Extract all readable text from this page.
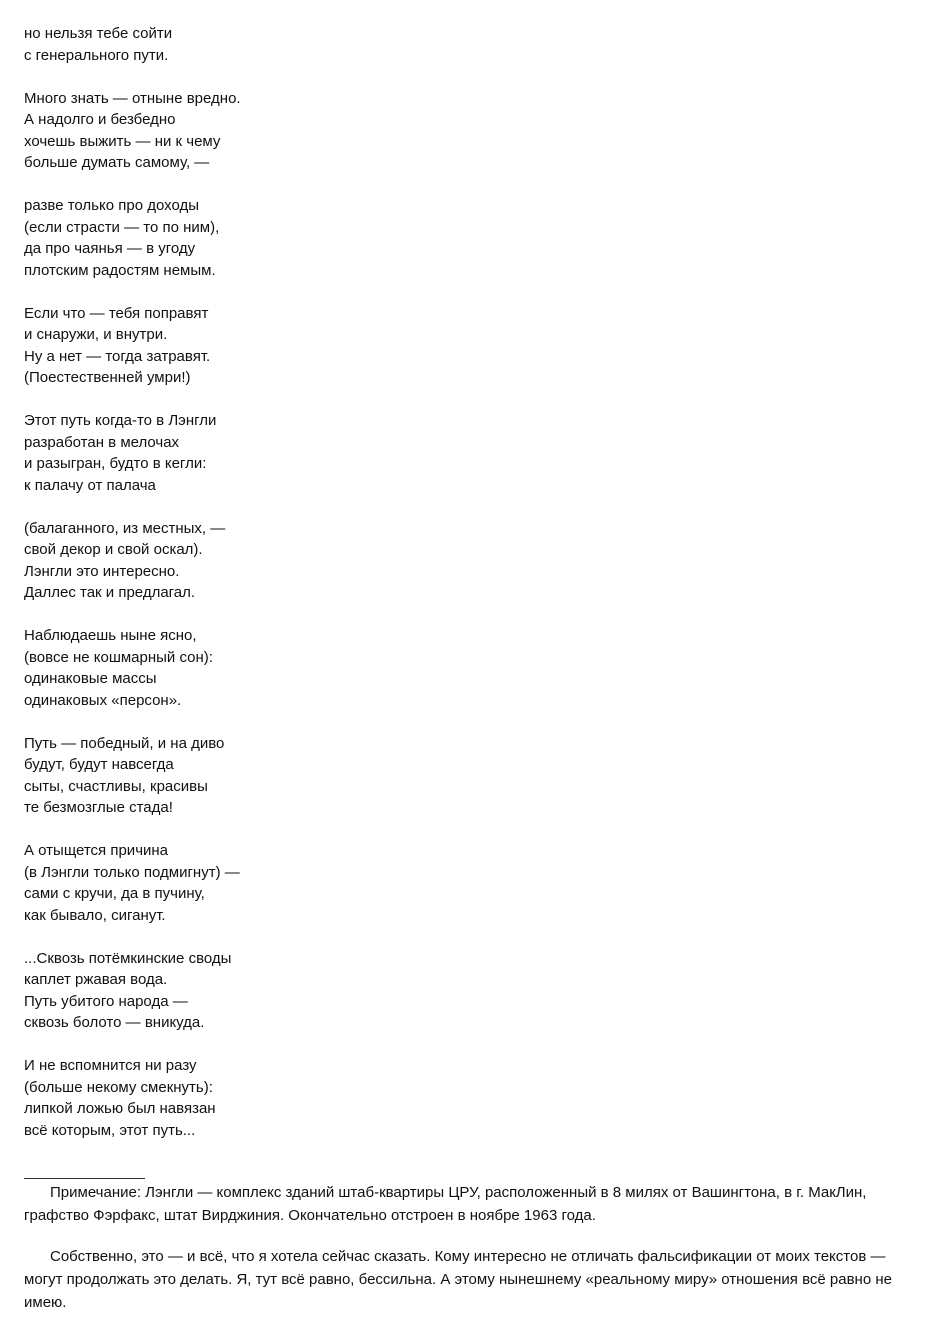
но нельзя тебе сойти
с генерального пути.
Много знать — отныне вредно.
А надолго и безбедно
хочешь выжить — ни к чему
больше думать самому, —
разве только про доходы
(если страсти — то по ним),
да про чаянья — в угоду
плотским радостям немым.
Если что — тебя поправят
и снаружи, и внутри.
Ну а нет — тогда затравят.
(Поестественней умри!)
Этот путь когда-то в Лэнгли
разработан в мелочах
и разыгран, будто в кегли:
к палачу от палача
(балаганного, из местных, —
свой декор и свой оскал).
Лэнгли это интересно.
Даллес так и предлагал.
Наблюдаешь ныне ясно,
(вовсе не кошмарный сон):
одинаковые массы
одинаковых «персон».
Путь — победный, и на диво
будут, будут навсегда
сыты, счастливы, красивы
те безмозглые стада!
А отыщется причина
(в Лэнгли только подмигнут) —
сами с кручи, да в пучину,
как бывало, сиганут.
...Сквозь потёмкинские своды
каплет ржавая вода.
Путь убитого народа —
сквозь болото — вникуда.
И не вспомнится ни разу
(больше некому смекнуть):
липкой ложью был навязан
всё которым, этот путь...

Примечание: Лэнгли — комплекс зданий штаб-квартиры ЦРУ, расположенный в 8 милях от Вашингтона, в г. МакЛин, графство Фэрфакс, штат Вирджиния. Окончательно отстроен в ноябре 1963 года.

Собственно, это — и всё, что я хотела сейчас сказать. Кому интересно не отличать фальсификации от моих текстов — могут продолжать это делать. Я, тут всё равно, бессильна. А этому нынешнему «реальному миру» отношения всё равно не имею.
